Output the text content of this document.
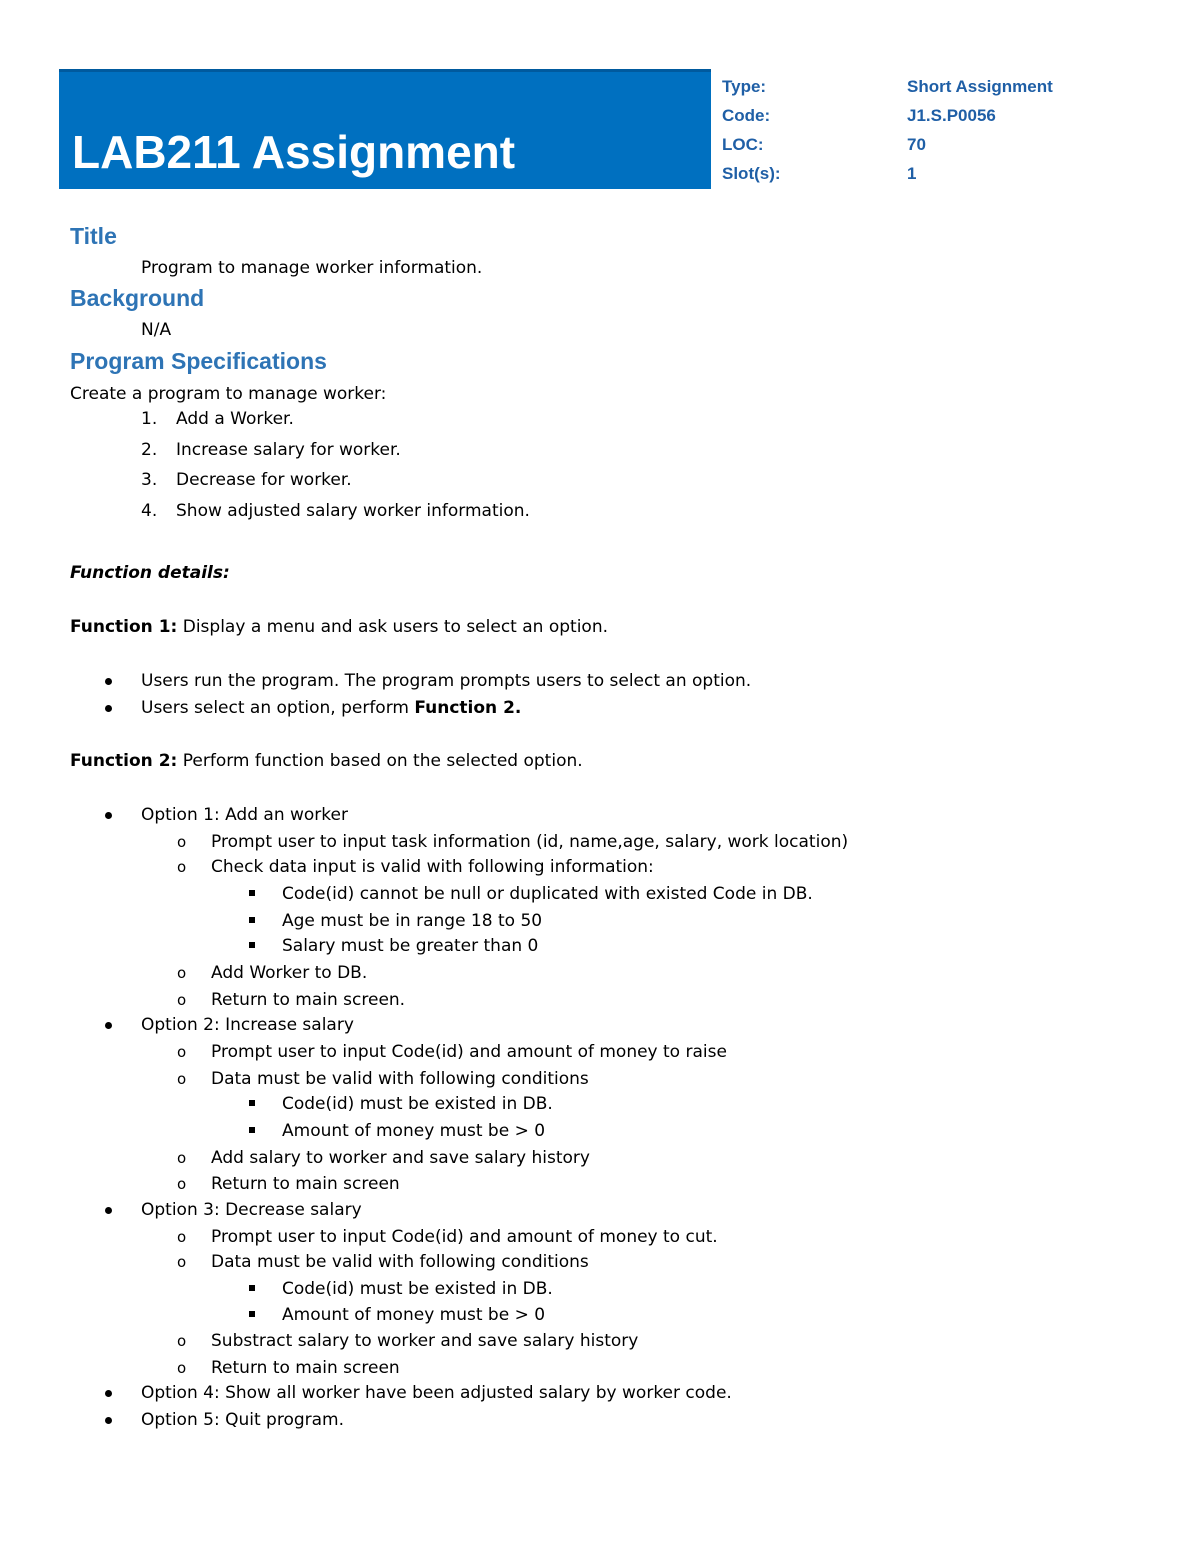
LAB211 Assignment
Type:	Short Assignment
Code:	J1.S.P0056
LOC:	70
Slot(s):	1
Title
Program to manage worker information.
Background
N/A
Program Specifications
Create a program to manage worker:
1. Add a Worker.
2. Increase salary for worker.
3. Decrease for worker.
4. Show adjusted salary worker information.
Function details:
Function 1: Display a menu and ask users to select an option.
Users run the program. The program prompts users to select an option.
Users select an option, perform Function 2.
Function 2: Perform function based on the selected option.
Option 1: Add an worker
o Prompt user to input task information (id, name,age, salary, work location)
o Check data input is valid with following information:
Code(id) cannot be null or duplicated with existed Code in DB.
Age must be in range 18 to 50
Salary must be greater than 0
o Add Worker to DB.
o Return to main screen.
Option 2: Increase salary
o Prompt user to input Code(id) and amount of money to raise
o Data must be valid with following conditions
Code(id) must be existed in DB.
Amount of money must be > 0
o Add salary to worker and save salary history
o Return to main screen
Option 3: Decrease salary
o Prompt user to input Code(id) and amount of money to cut.
o Data must be valid with following conditions
Code(id) must be existed in DB.
Amount of money must be > 0
o Substract salary to worker and save salary history
o Return to main screen
Option 4: Show all worker have been adjusted salary by worker code.
Option 5: Quit program.
